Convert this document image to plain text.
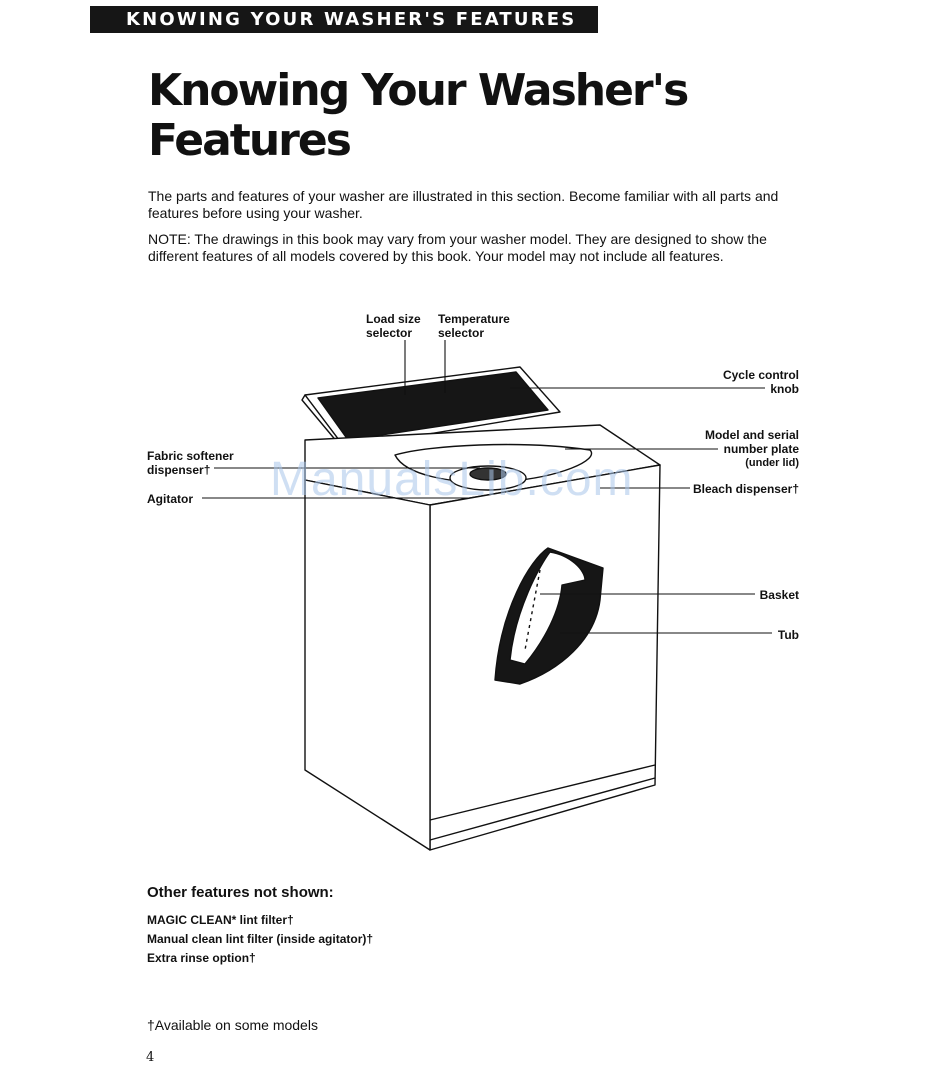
KNOWING YOUR WASHER'S FEATURES
Knowing Your Washer's
Features

The parts and features of your washer are illustrated in this section. Become familiar with all parts and features before using your washer.

NOTE: The drawings in this book may vary from your washer model. They are designed to show the different features of all models covered by this book. Your model may not include all features.

Load size
selector
Temperature
selector
Cycle control
knob
Model and serial
number plate
(under lid)
Fabric softener
dispenser†
Agitator
Bleach dispenser†
Basket
Tub
ManualsLib.com
Other features not shown:
MAGIC CLEAN* lint filter†
Manual clean lint filter (inside agitator)†
Extra rinse option†

†Available on some models

4
